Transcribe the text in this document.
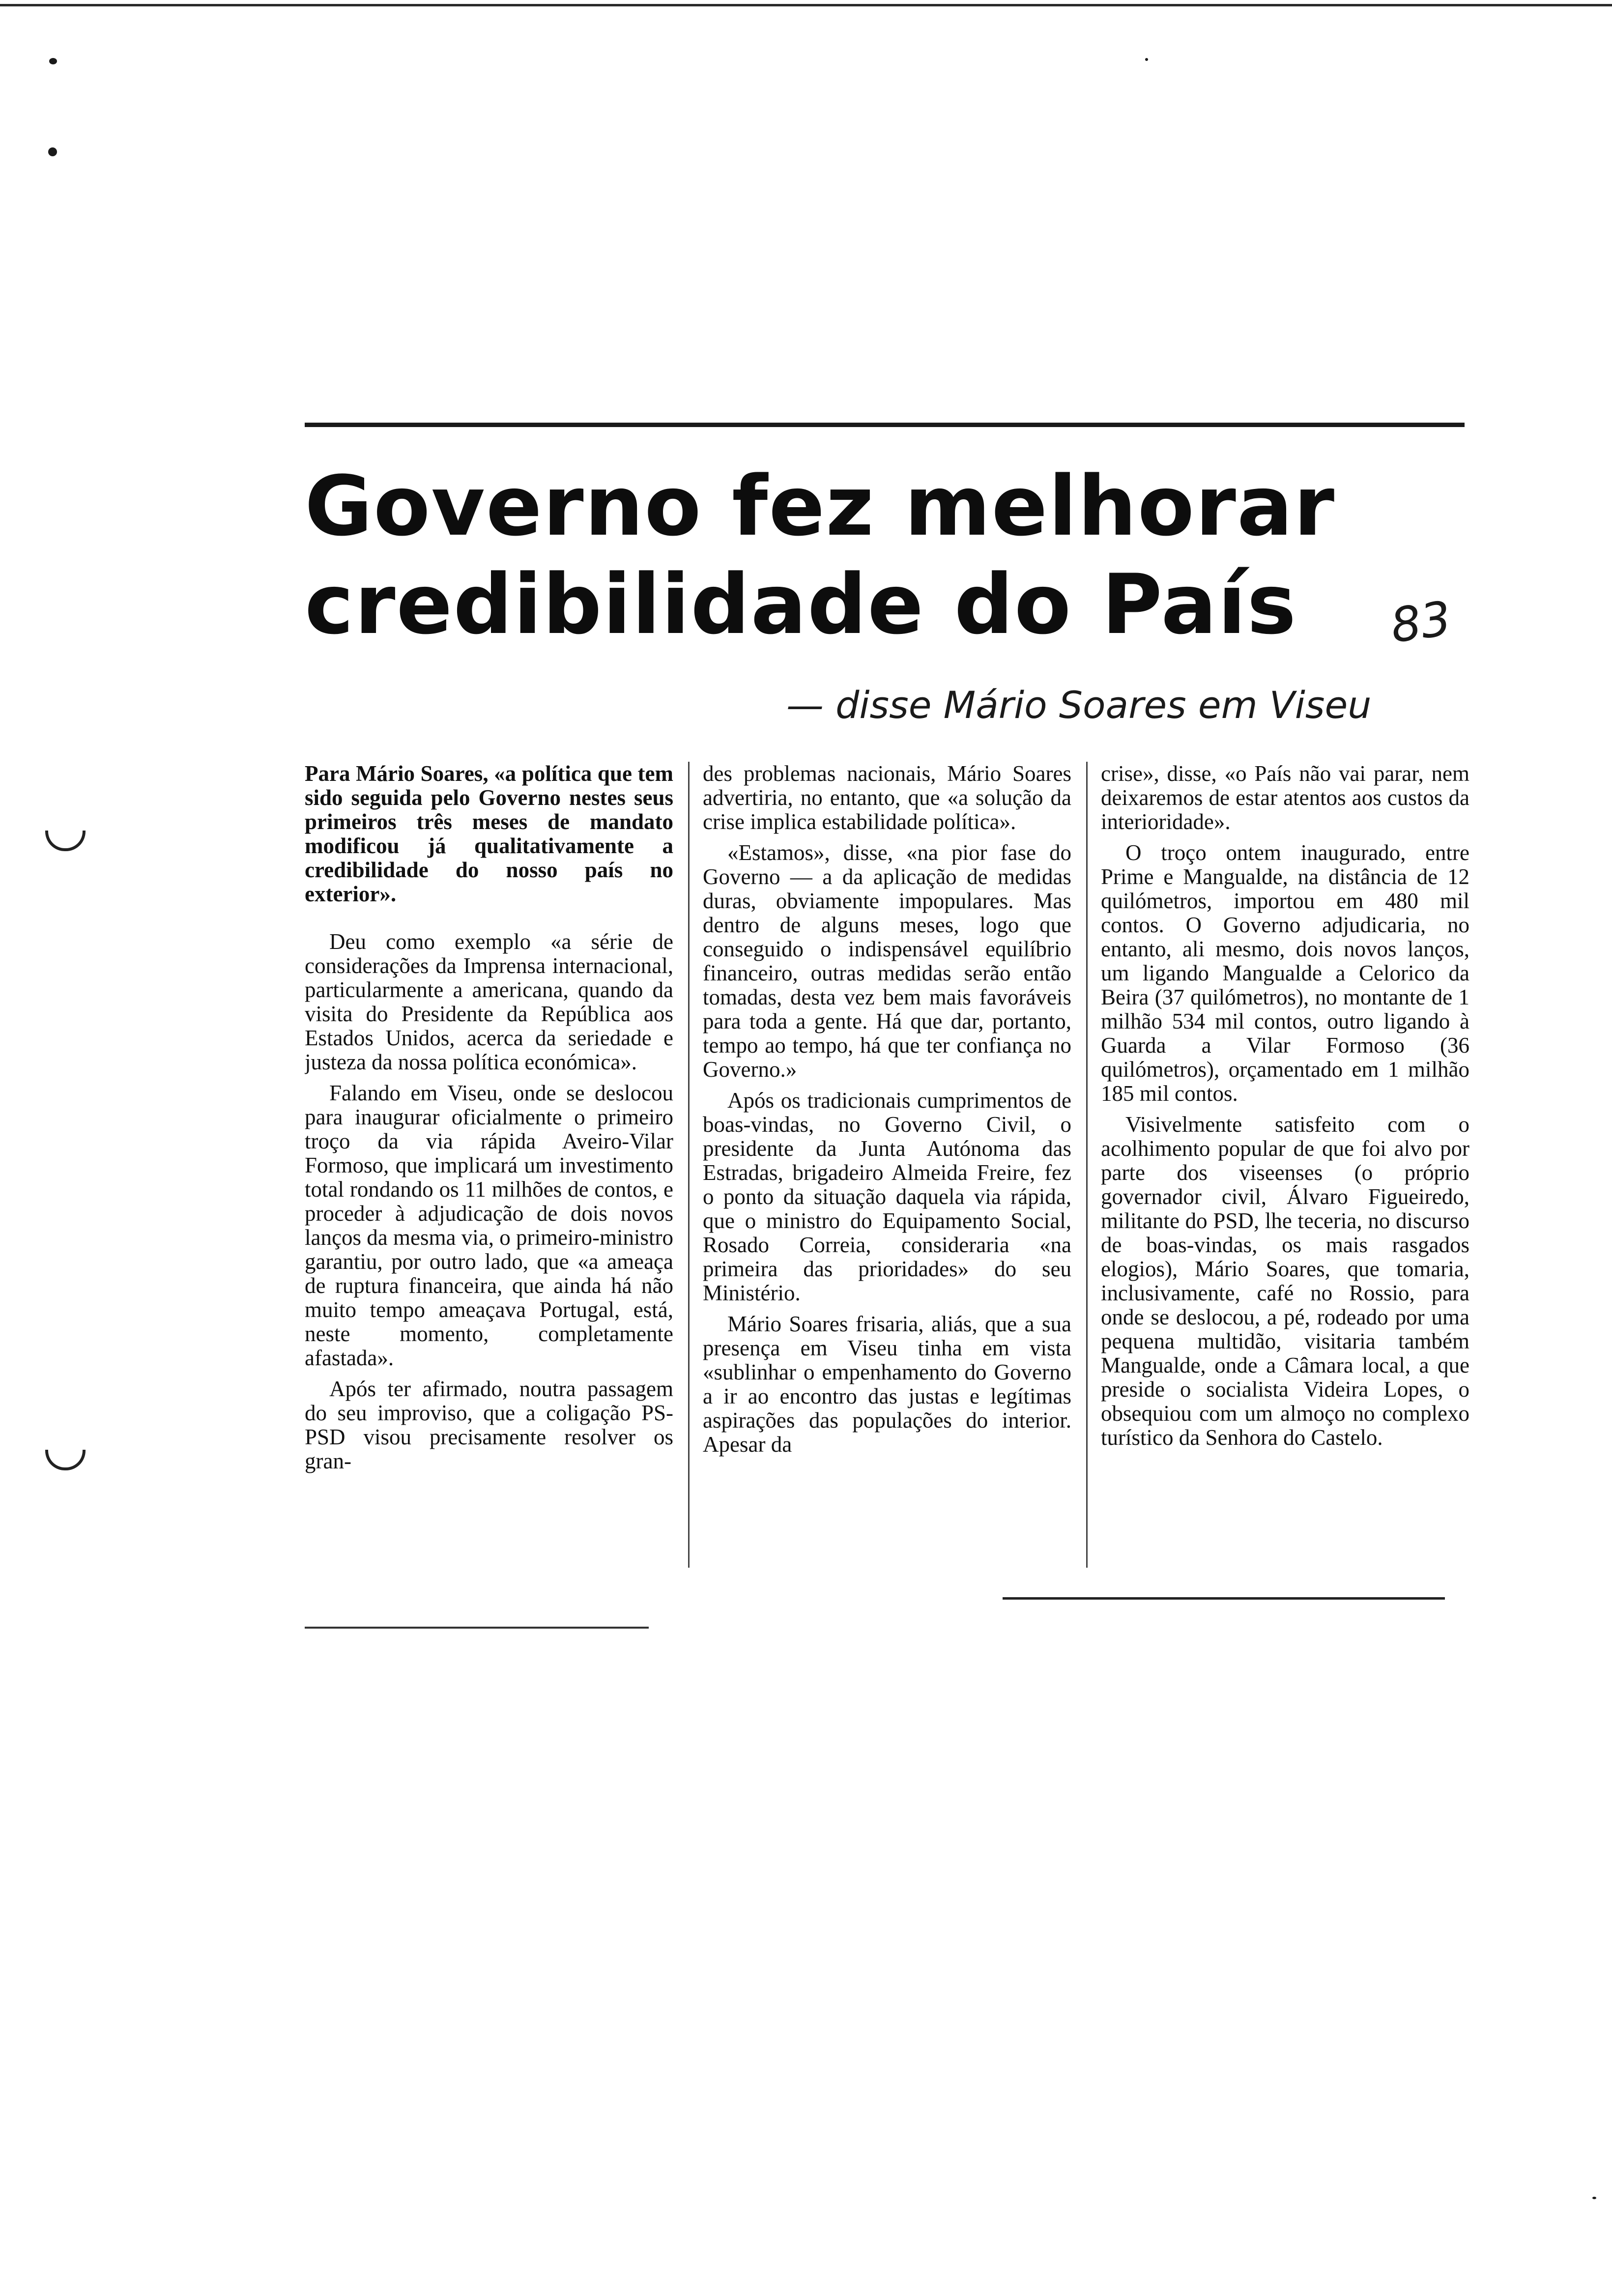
Governo fez melhorar
credibilidade do País	83
— disse Mário Soares em Viseu

Para Mário Soares, «a política que tem sido seguida pelo Governo nestes seus primeiros três meses de mandato modificou já qualitativamente a credibilidade do nosso país no exterior».

Deu como exemplo «a série de considerações da Imprensa internacional, particularmente a americana, quando da visita do Presidente da República aos Estados Unidos, acerca da seriedade e justeza da nossa política económica».

Falando em Viseu, onde se deslocou para inaugurar oficialmente o primeiro troço da via rápida Aveiro-Vilar Formoso, que implicará um investimento total rondando os 11 milhões de contos, e proceder à adjudicação de dois novos lanços da mesma via, o primeiro-ministro garantiu, por outro lado, que «a ameaça de ruptura financeira, que ainda há não muito tempo ameaçava Portugal, está, neste momento, completamente afastada».

Após ter afirmado, noutra passagem do seu improviso, que a coligação PS-PSD visou precisamente resolver os gran-

des problemas nacionais, Mário Soares advertiria, no entanto, que «a solução da crise implica estabilidade política».

«Estamos», disse, «na pior fase do Governo — a da aplicação de medidas duras, obviamente impopulares. Mas dentro de alguns meses, logo que conseguido o indispensável equilíbrio financeiro, outras medidas serão então tomadas, desta vez bem mais favoráveis para toda a gente. Há que dar, portanto, tempo ao tempo, há que ter confiança no Governo.»

Após os tradicionais cumprimentos de boas-vindas, no Governo Civil, o presidente da Junta Autónoma das Estradas, brigadeiro Almeida Freire, fez o ponto da situação daquela via rápida, que o ministro do Equipamento Social, Rosado Correia, consideraria «na primeira das prioridades» do seu Ministério.

Mário Soares frisaria, aliás, que a sua presença em Viseu tinha em vista «sublinhar o empenhamento do Governo a ir ao encontro das justas e legítimas aspirações das populações do interior. Apesar da

crise», disse, «o País não vai parar, nem deixaremos de estar atentos aos custos da interioridade».

O troço ontem inaugurado, entre Prime e Mangualde, na distância de 12 quilómetros, importou em 480 mil contos. O Governo adjudicaria, no entanto, ali mesmo, dois novos lanços, um ligando Mangualde a Celorico da Beira (37 quilómetros), no montante de 1 milhão 534 mil contos, outro ligando à Guarda a Vilar Formoso (36 quilómetros), orçamentado em 1 milhão 185 mil contos.

Visivelmente satisfeito com o acolhimento popular de que foi alvo por parte dos viseenses (o próprio governador civil, Álvaro Figueiredo, militante do PSD, lhe teceria, no discurso de boas-vindas, os mais rasgados elogios), Mário Soares, que tomaria, inclusivamente, café no Rossio, para onde se deslocou, a pé, rodeado por uma pequena multidão, visitaria também Mangualde, onde a Câmara local, a que preside o socialista Videira Lopes, o obsequiou com um almoço no complexo turístico da Senhora do Castelo.
